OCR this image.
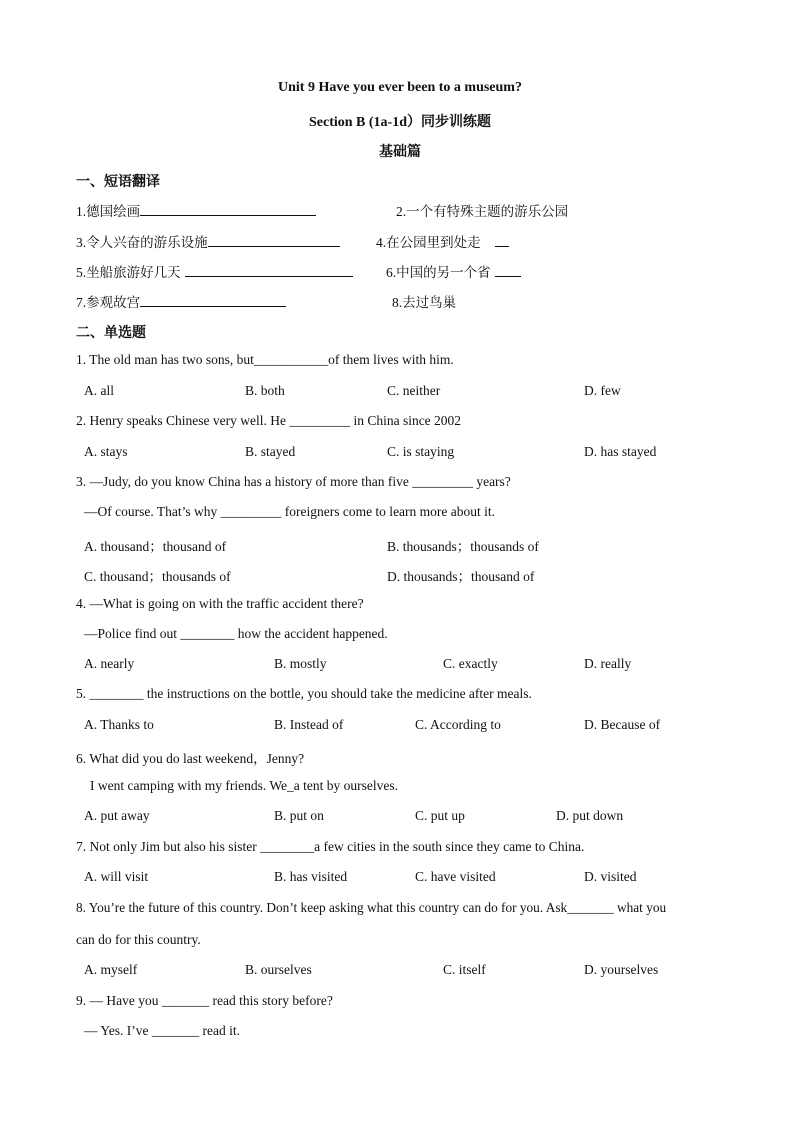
Unit 9 Have you ever been to a museum?
Section B (1a-1d）同步训练题
基础篇
一、短语翻译
1.德国绘画	2.一个有特殊主题的游乐公园
3.令人兴奋的游乐设施	4.在公园里到处走
5.坐船旅游好几天	6.中国的另一个省
7.参观故宫	8.去过鸟巢
二、单选题
1. The old man has two sons, but___________of them lives with him.
A. all	B. both	C. neither	D. few
2. Henry speaks Chinese very well. He _________ in China since 2002
A. stays	B. stayed	C. is staying	D. has stayed
3. —Judy, do you know China has a history of more than five _________ years?
—Of course. That’s why _________ foreigners come to learn more about it.
A. thousand；thousand of	B. thousands；thousands of
C. thousand；thousands of	D. thousands；thousand of
4. —What is going on with the traffic accident there?
—Police find out ________ how the accident happened.
A. nearly	B. mostly	C. exactly	D. really
5. ________ the instructions on the bottle, you should take the medicine after meals.
A. Thanks to	B. Instead of	C. According to	D. Because of
6. What did you do last weekend，Jenny?
I went camping with my friends. We_a tent by ourselves.
A. put away	B. put on	C. put up	D. put down
7. Not only Jim but also his sister ________a few cities in the south since they came to China.
A. will visit	B. has visited	C. have visited	D. visited
8. You’re the future of this country. Don’t keep asking what this country can do for you. Ask_______ what you
can do for this country.
A. myself	B. ourselves	C. itself	D. yourselves
9. — Have you _______ read this story before?
— Yes. I’ve _______ read it.
